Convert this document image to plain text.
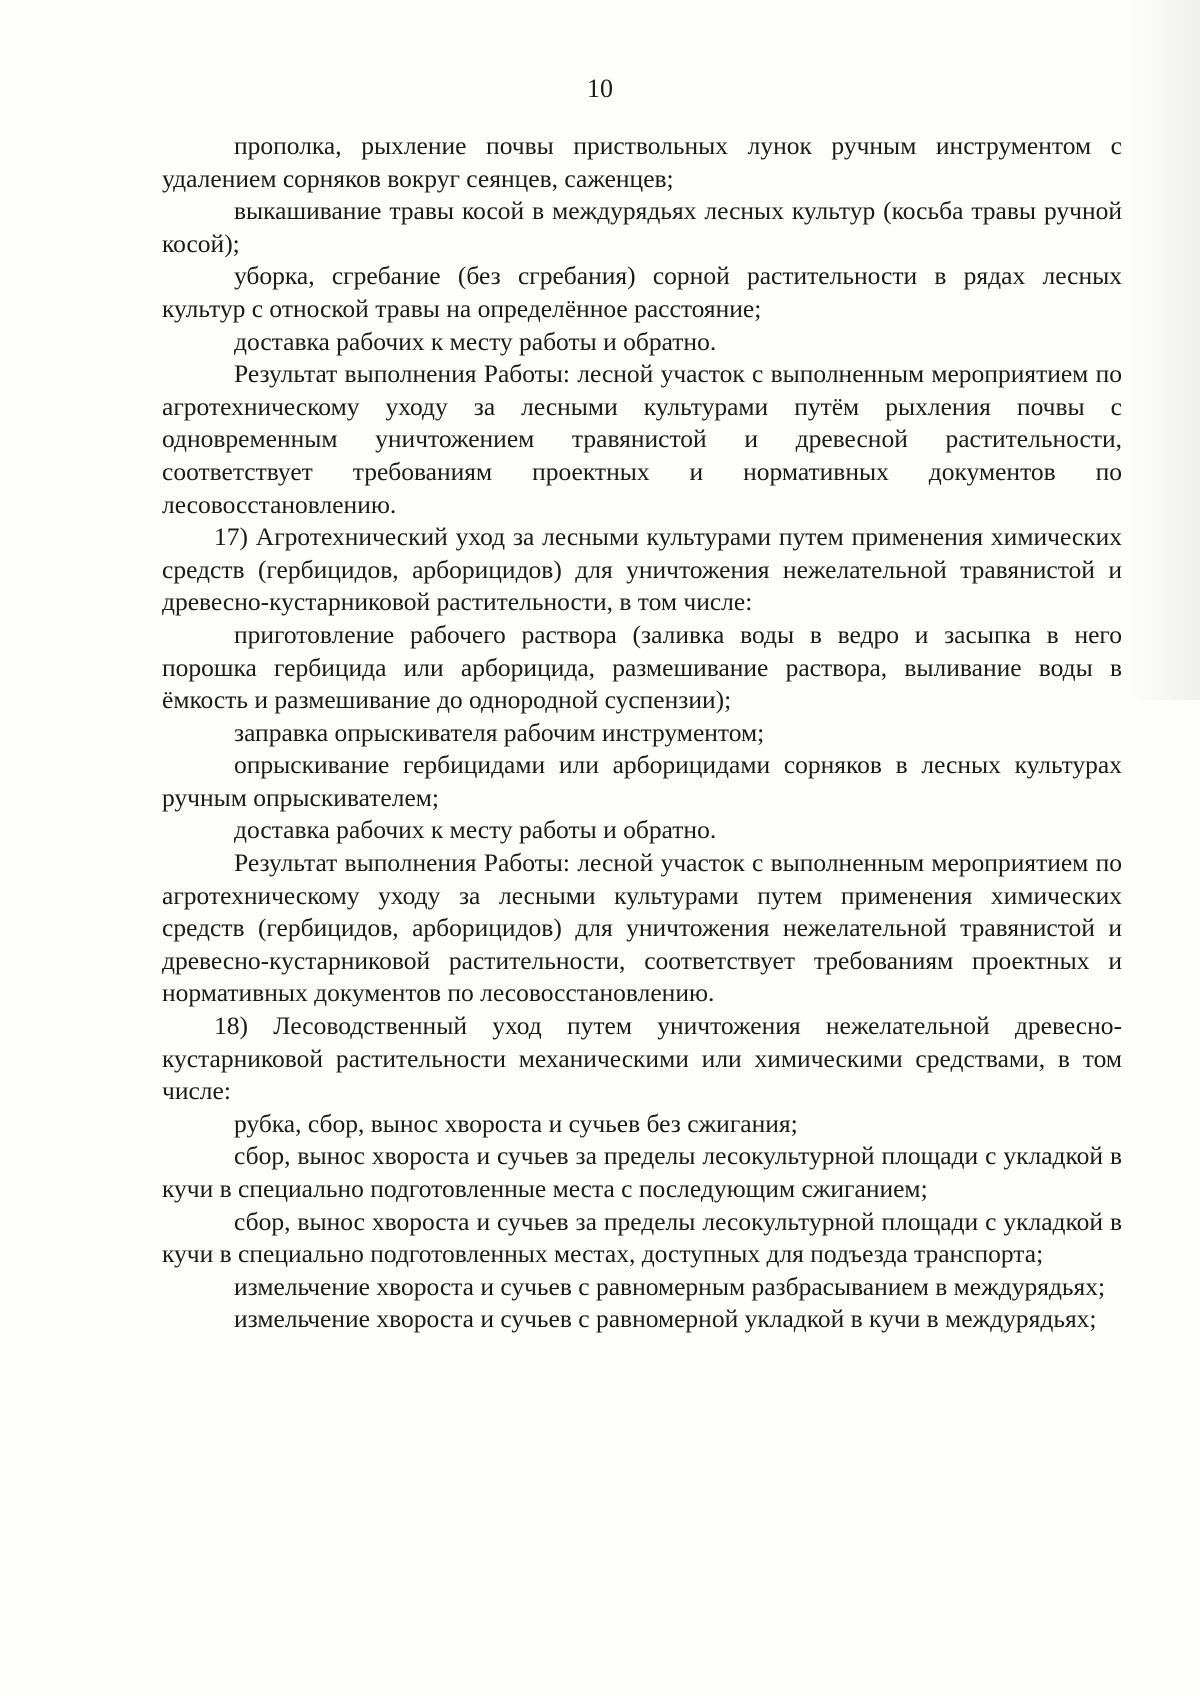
10

прополка, рыхление почвы приствольных лунок ручным инструментом с удалением сорняков вокруг сеянцев, саженцев;

выкашивание травы косой в междурядьях лесных культур (косьба травы ручной косой);

уборка, сгребание (без сгребания) сорной растительности в рядах лесных культур с отноской травы на определённое расстояние;

доставка рабочих к месту работы и обратно.

Результат выполнения Работы: лесной участок с выполненным мероприятием по агротехническому уходу за лесными культурами путём рыхления почвы с одновременным уничтожением травянистой и древесной растительности, соответствует требованиям проектных и нормативных документов по лесовосстановлению.

17) Агротехнический уход за лесными культурами путем применения химических средств (гербицидов, арборицидов) для уничтожения нежелательной травянистой и древесно-кустарниковой растительности, в том числе:

приготовление рабочего раствора (заливка воды в ведро и засыпка в него порошка гербицида или арборицида, размешивание раствора, выливание воды в ёмкость и размешивание до однородной суспензии);

заправка опрыскивателя рабочим инструментом;

опрыскивание гербицидами или арборицидами сорняков в лесных культурах ручным опрыскивателем;

доставка рабочих к месту работы и обратно.

Результат выполнения Работы: лесной участок с выполненным мероприятием по агротехническому уходу за лесными культурами путем применения химических средств (гербицидов, арборицидов) для уничтожения нежелательной травянистой и древесно-кустарниковой растительности, соответствует требованиям проектных и нормативных документов по лесовосстановлению.

18) Лесоводственный уход путем уничтожения нежелательной древесно-кустарниковой растительности механическими или химическими средствами, в том числе:

рубка, сбор, вынос хвороста и сучьев без сжигания;

сбор, вынос хвороста и сучьев за пределы лесокультурной площади с укладкой в кучи в специально подготовленные места с последующим сжиганием;

сбор, вынос хвороста и сучьев за пределы лесокультурной площади с укладкой в кучи в специально подготовленных местах, доступных для подъезда транспорта;

измельчение хвороста и сучьев с равномерным разбрасыванием в междурядьях;

измельчение хвороста и сучьев с равномерной укладкой в кучи в междурядьях;
